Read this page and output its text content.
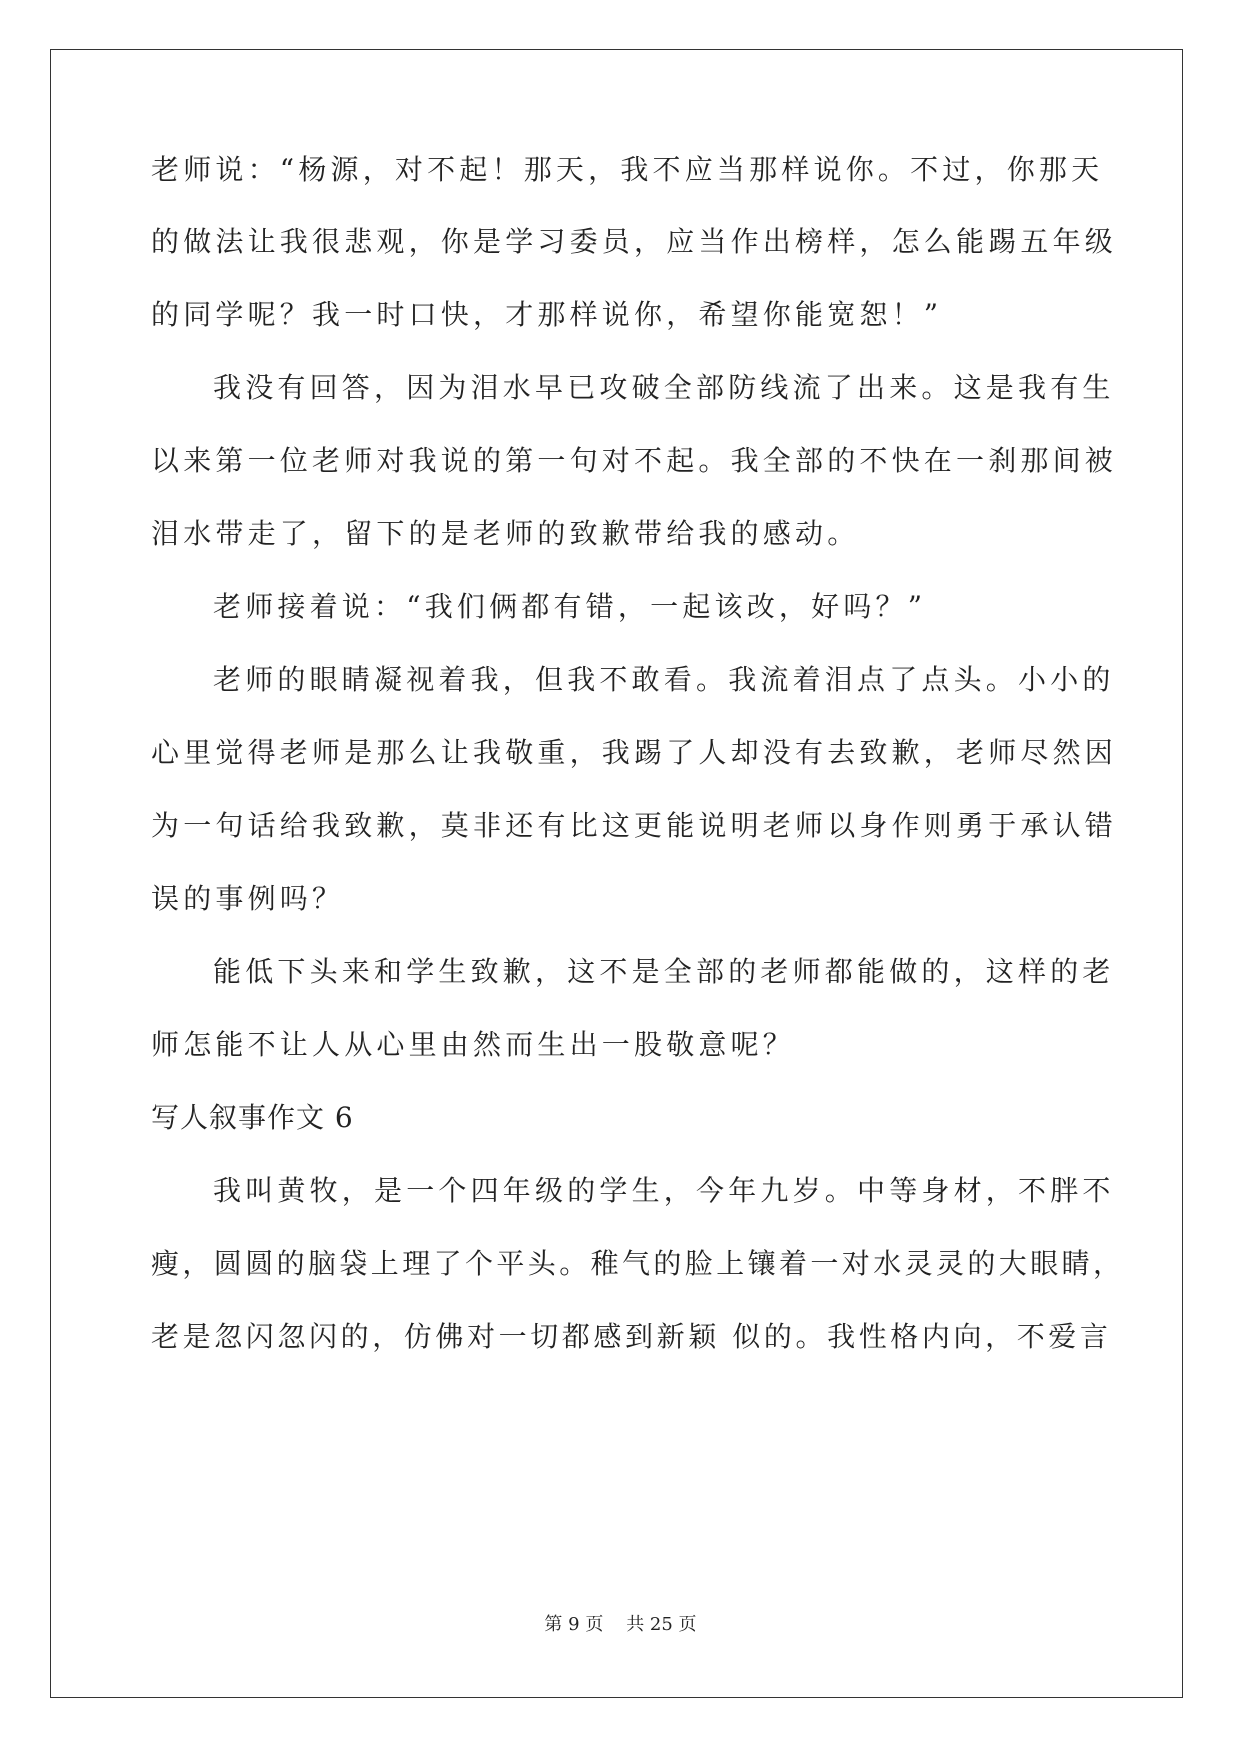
老师说：“杨源，对不起！那天，我不应当那样说你。不过，你那天
的做法让我很悲观，你是学习委员，应当作出榜样，怎么能踢五年级
的同学呢？我一时口快，才那样说你，希望你能宽恕！”
我没有回答，因为泪水早已攻破全部防线流了出来。这是我有生
以来第一位老师对我说的第一句对不起。我全部的不快在一刹那间被
泪水带走了，留下的是老师的致歉带给我的感动。
老师接着说：“我们俩都有错，一起该改，好吗？”
老师的眼睛凝视着我，但我不敢看。我流着泪点了点头。小小的
心里觉得老师是那么让我敬重，我踢了人却没有去致歉，老师尽然因
为一句话给我致歉，莫非还有比这更能说明老师以身作则勇于承认错
误的事例吗？
能低下头来和学生致歉，这不是全部的老师都能做的，这样的老
师怎能不让人从心里由然而生出一股敬意呢？
写人叙事作文 6
我叫黄牧，是一个四年级的学生，今年九岁。中等身材，不胖不
瘦，圆圆的脑袋上理了个平头。稚气的脸上镶着一对水灵灵的大眼睛，
老是忽闪忽闪的，仿佛对一切都感到新颖 似的。我性格内向，不爱言
第 9 页    共 25 页
